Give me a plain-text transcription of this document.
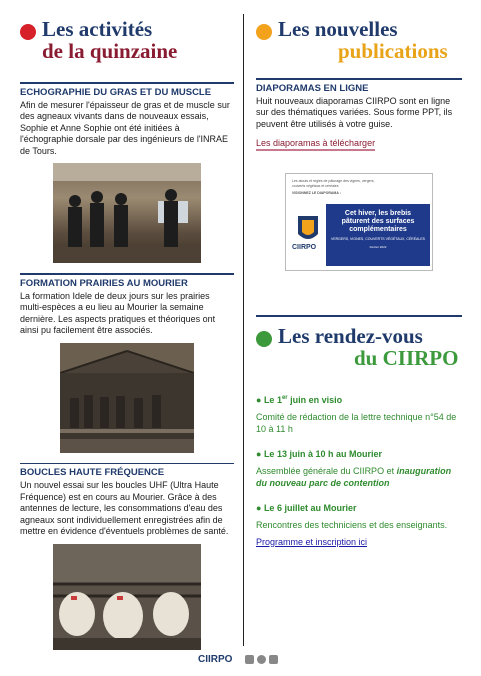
Les activités
de la quinzaine
ECHOGRAPHIE DU GRAS ET DU MUSCLE
Afin de mesurer l'épaisseur de gras et de muscle sur des agneaux vivants dans de nouveaux essais, Sophie et Anne Sophie ont été initiées à l'échographie dorsale par des ingénieurs de l'INRAE de Tours.
FORMATION PRAIRIES AU MOURIER
La formation Idele de deux jours sur les prairies multi-espèces a eu lieu au Mourier la semaine dernière. Les aspects pratiques et théoriques ont ainsi pu facilement être associés.
BOUCLES HAUTE FRÉQUENCE
Un nouvel essai sur les boucles UHF (Ultra Haute Fréquence) est en cours au Mourier. Grâce à des antennes de lecture, les consommations d'eau des agneaux sont individuellement enregistrées afin de mettre en évidence d'éventuels problèmes de santé.
Les nouvelles
publications
DIAPORAMAS EN LIGNE
Huit nouveaux diaporamas CIIRPO sont en ligne sur des thématiques variées. Sous forme PPT, ils peuvent être utilisés à votre guise.
Les diaporamas à télécharger
Les atouts et règles de pâturage des vignes, vergers,
couverts végétaux et céréales
VISIONNEZ LE DIAPORAMA :
CIIRPO
Cet hiver, les brebis pâturent des surfaces complémentaires
VERGERS, VIGNES, COUVERTS VÉGÉTAUX, CÉRÉALES
Février 2022
Les rendez-vous
du CIIRPO
● Le 1er juin en visio
Comité de rédaction de la lettre technique n°54 de 10 à 11 h
● Le 13 juin à 10 h au Mourier
Assemblée générale du CIIRPO et inauguration du nouveau parc de contention
● Le 6 juillet au Mourier
Rencontres des techniciens et des enseignants.
Programme et inscription ici
CIIRPO
